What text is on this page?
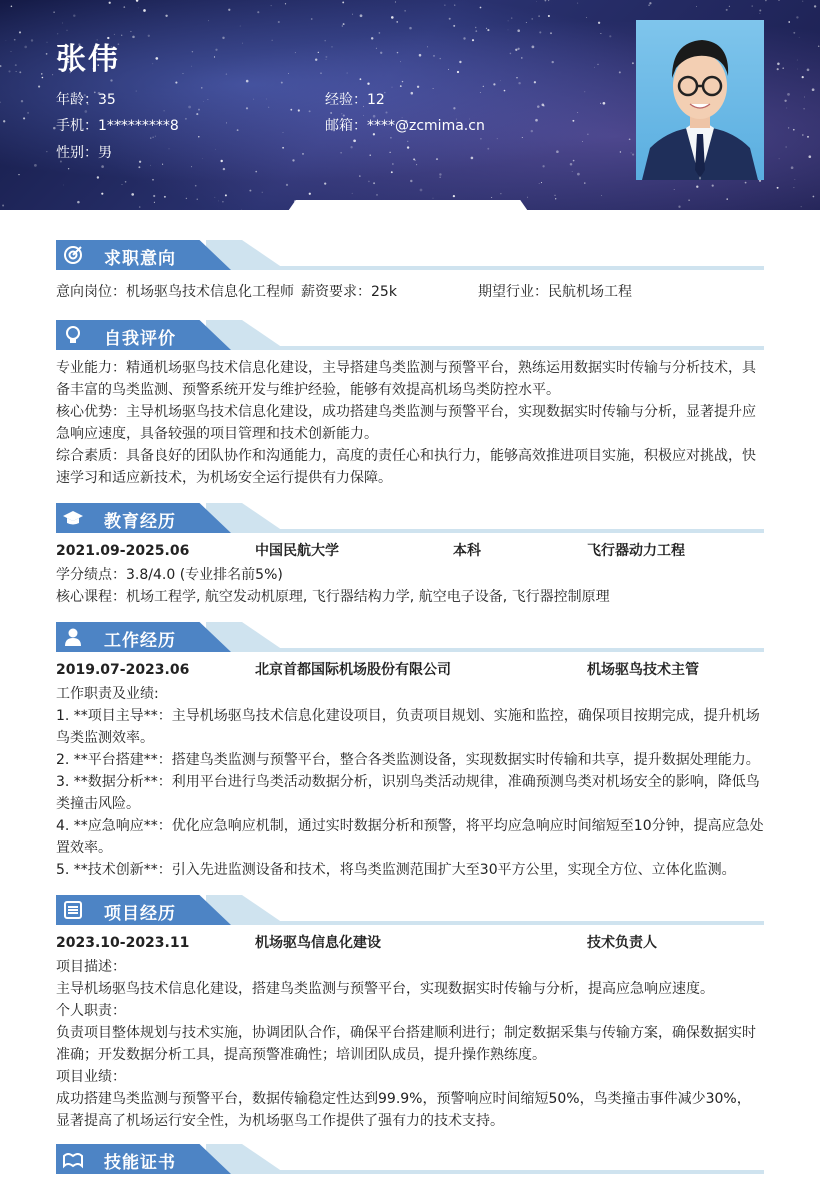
张伟
年龄：35	经验：12
手机：1*********8	邮箱：****@zcmima.cn
性别：男
求职意向
意向岗位：机场驱鸟技术信息化工程师 薪资要求：25k	期望行业：民航机场工程
自我评价
专业能力：精通机场驱鸟技术信息化建设，主导搭建鸟类监测与预警平台，熟练运用数据实时传输与分析技术，具备丰富的鸟类监测、预警系统开发与维护经验，能够有效提高机场鸟类防控水平。
核心优势：主导机场驱鸟技术信息化建设，成功搭建鸟类监测与预警平台，实现数据实时传输与分析，显著提升应急响应速度，具备较强的项目管理和技术创新能力。
综合素质：具备良好的团队协作和沟通能力，高度的责任心和执行力，能够高效推进项目实施，积极应对挑战，快速学习和适应新技术，为机场安全运行提供有力保障。
教育经历
2021.09-2025.06	中国民航大学	本科	飞行器动力工程
学分绩点：3.8/4.0 (专业排名前5%)
核心课程：机场工程学, 航空发动机原理, 飞行器结构力学, 航空电子设备, 飞行器控制原理
工作经历
2019.07-2023.06	北京首都国际机场股份有限公司	机场驱鸟技术主管
工作职责及业绩:
1. **项目主导**：主导机场驱鸟技术信息化建设项目，负责项目规划、实施和监控，确保项目按期完成，提升机场鸟类监测效率。
2. **平台搭建**：搭建鸟类监测与预警平台，整合各类监测设备，实现数据实时传输和共享，提升数据处理能力。
3. **数据分析**：利用平台进行鸟类活动数据分析，识别鸟类活动规律，准确预测鸟类对机场安全的影响，降低鸟类撞击风险。
4. **应急响应**：优化应急响应机制，通过实时数据分析和预警，将平均应急响应时间缩短至10分钟，提高应急处置效率。
5. **技术创新**：引入先进监测设备和技术，将鸟类监测范围扩大至30平方公里，实现全方位、立体化监测。
项目经历
2023.10-2023.11	机场驱鸟信息化建设	技术负责人
项目描述：
主导机场驱鸟技术信息化建设，搭建鸟类监测与预警平台，实现数据实时传输与分析，提高应急响应速度。
个人职责：
负责项目整体规划与技术实施，协调团队合作，确保平台搭建顺利进行；制定数据采集与传输方案，确保数据实时准确；开发数据分析工具，提高预警准确性；培训团队成员，提升操作熟练度。
项目业绩：
成功搭建鸟类监测与预警平台，数据传输稳定性达到99.9%，预警响应时间缩短50%，鸟类撞击事件减少30%，显著提高了机场运行安全性，为机场驱鸟工作提供了强有力的技术支持。
技能证书
